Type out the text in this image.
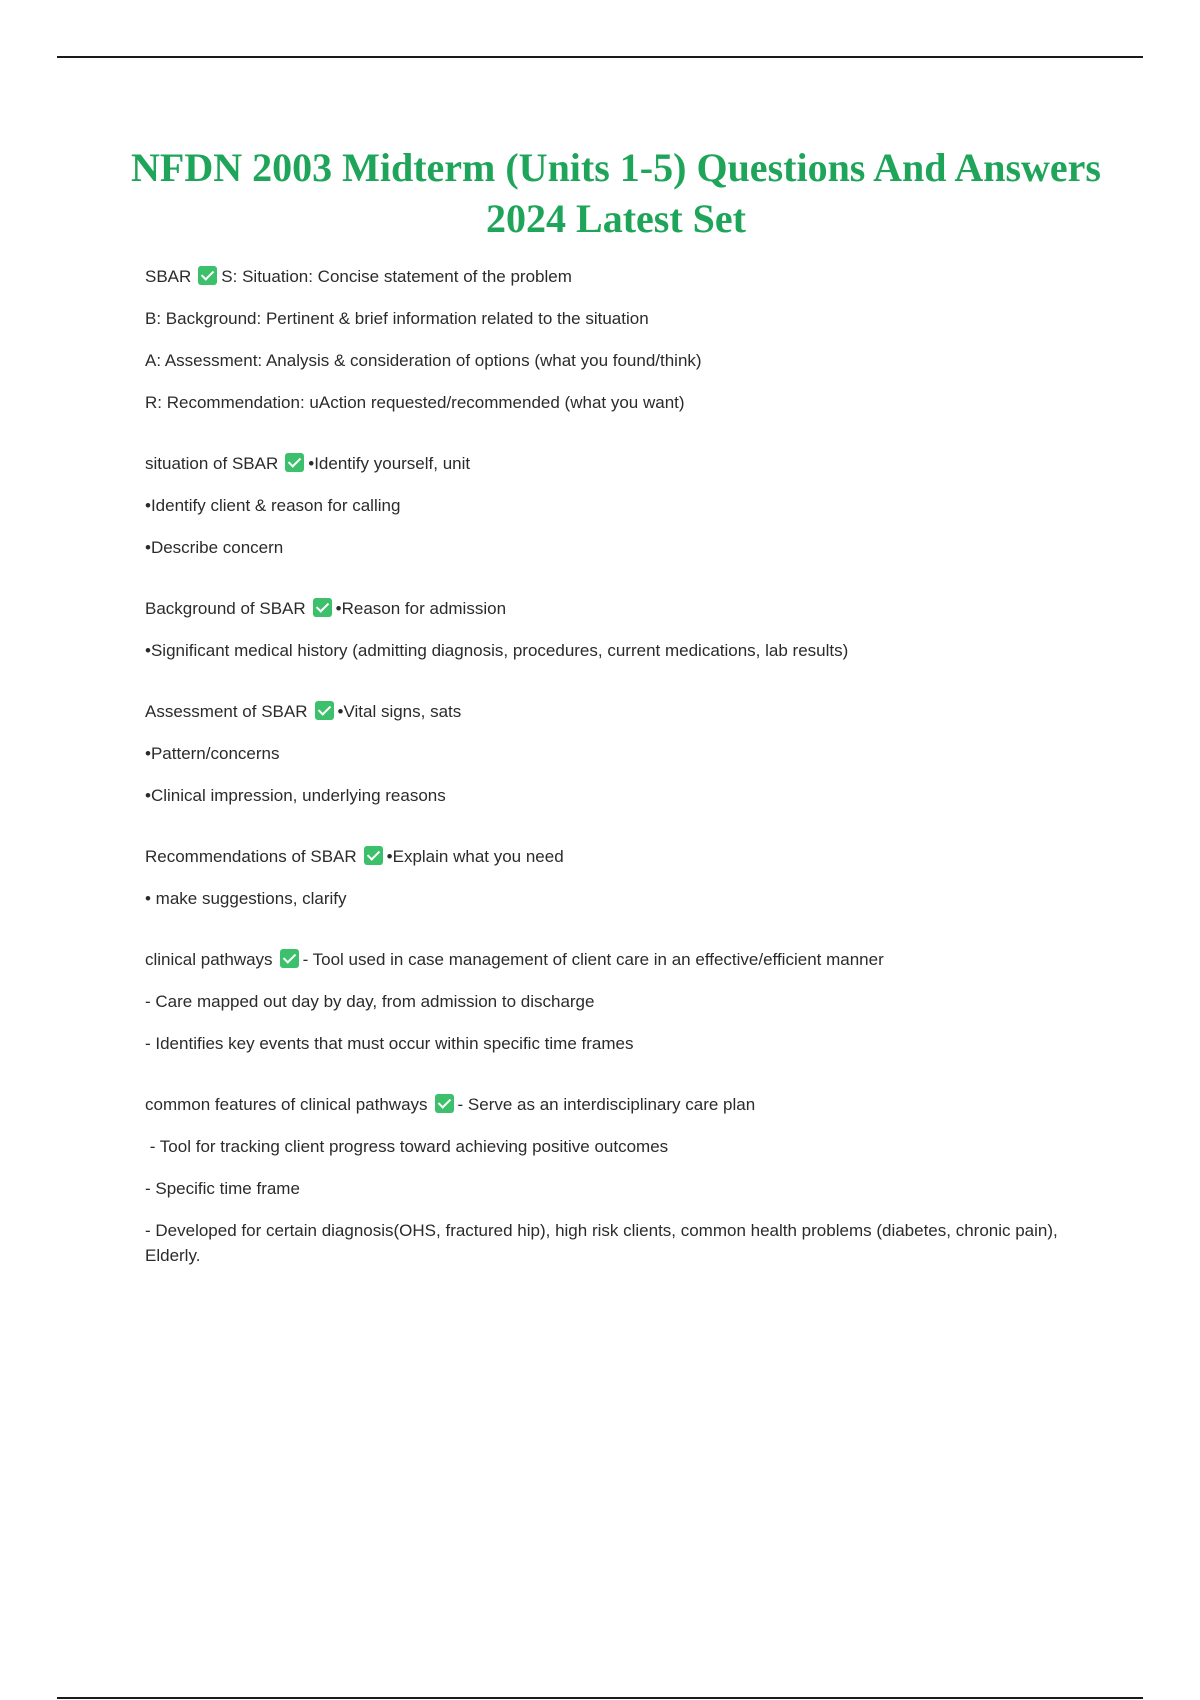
NFDN 2003 Midterm (Units 1-5) Questions And Answers 2024 Latest Set

SBAR S: Situation: Concise statement of the problem

B: Background: Pertinent & brief information related to the situation

A: Assessment: Analysis & consideration of options (what you found/think)

R: Recommendation: uAction requested/recommended (what you want)

situation of SBAR •Identify yourself, unit

•Identify client & reason for calling

•Describe concern

Background of SBAR •Reason for admission

•Significant medical history (admitting diagnosis, procedures, current medications, lab results)

Assessment of SBAR •Vital signs, sats

•Pattern/concerns

•Clinical impression, underlying reasons

Recommendations of SBAR •Explain what you need

• make suggestions, clarify

clinical pathways - Tool used in case management of client care in an effective/efficient manner

- Care mapped out day by day, from admission to discharge

- Identifies key events that must occur within specific time frames

common features of clinical pathways - Serve as an interdisciplinary care plan

- Tool for tracking client progress toward achieving positive outcomes

- Specific time frame

- Developed for certain diagnosis(OHS, fractured hip), high risk clients, common health problems (diabetes, chronic pain), Elderly.
